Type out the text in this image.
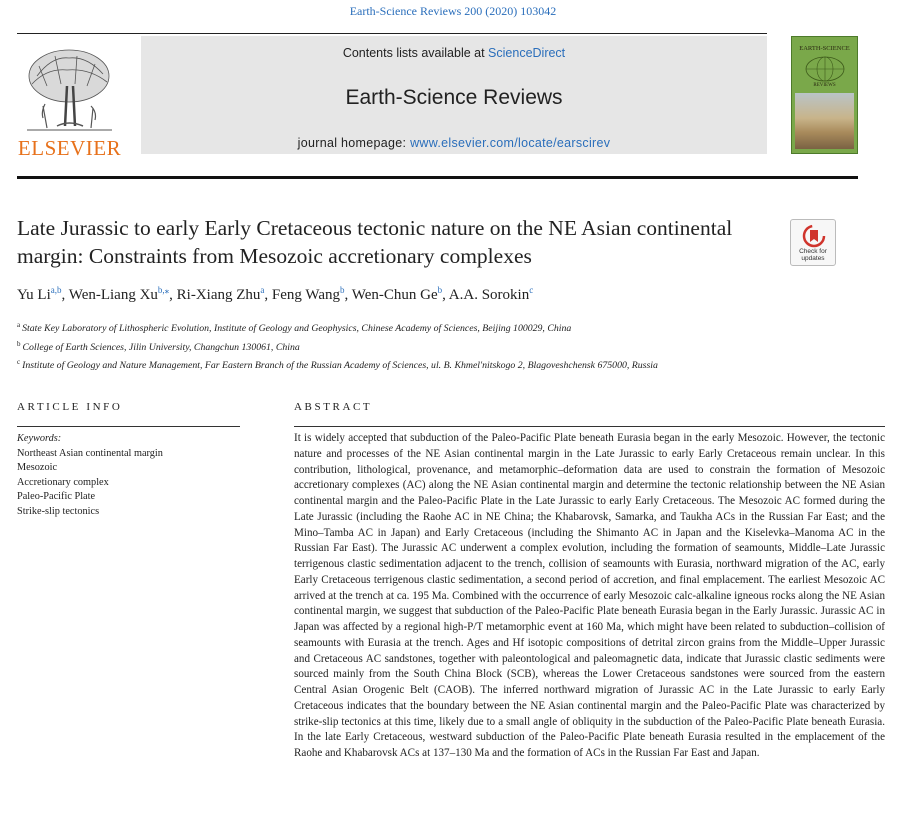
Earth-Science Reviews 200 (2020) 103042
ELSEVIER
Contents lists available at ScienceDirect
Earth-Science Reviews
journal homepage: www.elsevier.com/locate/earscirev
EARTH-SCIENCE
REVIEWS
Late Jurassic to early Early Cretaceous tectonic nature on the NE Asian continental margin: Constraints from Mesozoic accretionary complexes	Check for
updates
Yu Li$^{a,b}$, Wen-Liang $Xu^{b,⁎}$, Ri-Xiang Zhu$^a$, Feng Wang$^b$, Wen-Chun Ge$^b$, A.A. Sorokin$^c$
$^a$ State Key Laboratory of Lithospheric Evolution, Institute of Geology and Geophysics, Chinese Academy of Sciences, Beijing 100029, China
$^b$ College of Earth Sciences, Jilin University, Changchun 130061, China
$^c$ Institute of Geology and Nature Management, Far Eastern Branch of the Russian Academy of Sciences, ul. B. Khmel'nitskogo 2, Blagoveshchensk 675000, Russia
ARTICLE INFO	ABSTRACT
Keywords:
Northeast Asian continental margin
Mesozoic
Accretionary complex
Paleo-Pacific Plate
Strike-slip tectonics
It is widely accepted that subduction of the Paleo-Pacific Plate beneath Eurasia began in the early Mesozoic. However, the tectonic nature and processes of the NE Asian continental margin in the Late Jurassic to early Early Cretaceous remain unclear. In this contribution, lithological, provenance, and metamorphic–deformation data are used to constrain the formation of Mesozoic accretionary complexes (AC) along the NE Asian continental margin and determine the tectonic relationship between the NE Asian continental margin and the Paleo-Pacific Plate in the Late Jurassic to early Early Cretaceous. The Mesozoic AC formed during the Late Jurassic (including the Raohe AC in NE China; the Khabarovsk, Samarka, and Taukha ACs in the Russian Far East; and the Mino–Tamba AC in Japan) and Early Cretaceous (including the Shimanto AC in Japan and the Kiselevka–Manoma AC in the Russian Far East). The Jurassic AC underwent a complex evolution, including the formation of seamounts, Middle–Late Jurassic terrigenous clastic sedimentation adjacent to the trench, collision of seamounts with Eurasia, northward migration of the AC, early Early Cretaceous terrigenous clastic sedimentation, a second period of accretion, and final emplacement. The earliest Mesozoic AC arrived at the trench at ca. 195 Ma. Combined with the occurrence of early Mesozoic calc-alkaline igneous rocks along the NE Asian continental margin, we suggest that subduction of the Paleo-Pacific Plate beneath Eurasia began in the Early Jurassic. Jurassic AC in Japan was affected by a regional high-P/T metamorphic event at 160 Ma, which might have been related to subduction–collision of seamounts with Eurasia at the trench. Ages and Hf isotopic compositions of detrital zircon grains from the Middle–Upper Jurassic and Cretaceous AC sandstones, together with paleontological and paleomagnetic data, indicate that Jurassic clastic sediments were sourced mainly from the South China Block (SCB), whereas the Lower Cretaceous sandstones were sourced from the eastern Central Asian Orogenic Belt (CAOB). The inferred northward migration of Jurassic AC in the Late Jurassic to early Early Cretaceous indicates that the boundary between the NE Asian continental margin and the Paleo-Pacific Plate was characterized by strike-slip tectonics at this time, likely due to a small angle of obliquity in the subduction of the Paleo-Pacific Plate beneath Eurasia. In the late Early Cretaceous, westward subduction of the Paleo-Pacific Plate beneath Eurasia resulted in the emplacement of the Raohe and Khabarovsk ACs at 137–130 Ma and the formation of ACs in the Russian Far East and Japan.
